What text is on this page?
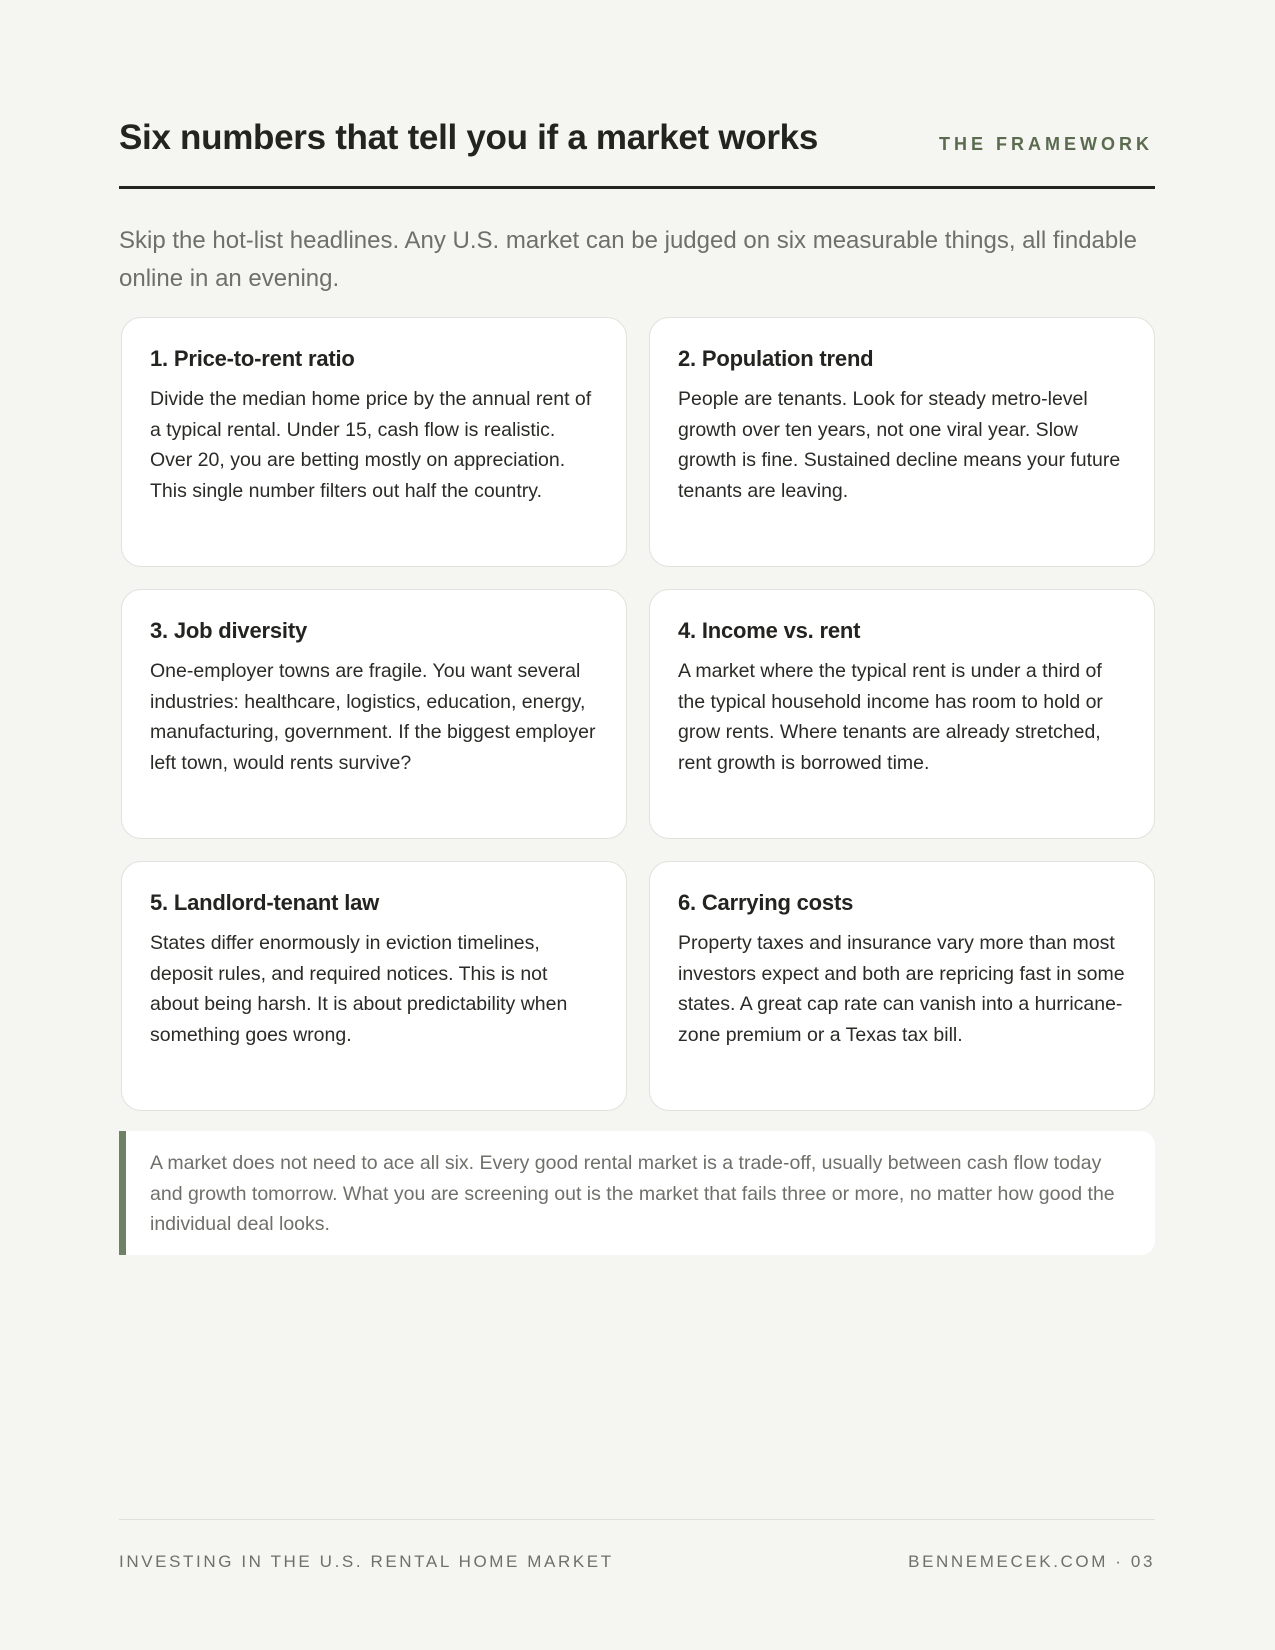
Six numbers that tell you if a market works	THE FRAMEWORK

Skip the hot-list headlines. Any U.S. market can be judged on six measurable things, all findable online in an evening.

1. Price-to-rent ratio

Divide the median home price by the annual rent of a typical rental. Under 15, cash flow is realistic. Over 20, you are betting mostly on appreciation. This single number filters out half the country.

2. Population trend

People are tenants. Look for steady metro-level growth over ten years, not one viral year. Slow growth is fine. Sustained decline means your future tenants are leaving.

3. Job diversity

One-employer towns are fragile. You want several industries: healthcare, logistics, education, energy, manufacturing, government. If the biggest employer left town, would rents survive?

4. Income vs. rent

A market where the typical rent is under a third of the typical household income has room to hold or grow rents. Where tenants are already stretched, rent growth is borrowed time.

5. Landlord-tenant law

States differ enormously in eviction timelines, deposit rules, and required notices. This is not about being harsh. It is about predictability when something goes wrong.

6. Carrying costs

Property taxes and insurance vary more than most investors expect and both are repricing fast in some states. A great cap rate can vanish into a hurricane-zone premium or a Texas tax bill.

A market does not need to ace all six. Every good rental market is a trade-off, usually between cash flow today and growth tomorrow. What you are screening out is the market that fails three or more, no matter how good the individual deal looks.

INVESTING IN THE U.S. RENTAL HOME MARKET	BENNEMECEK.COM · 03
